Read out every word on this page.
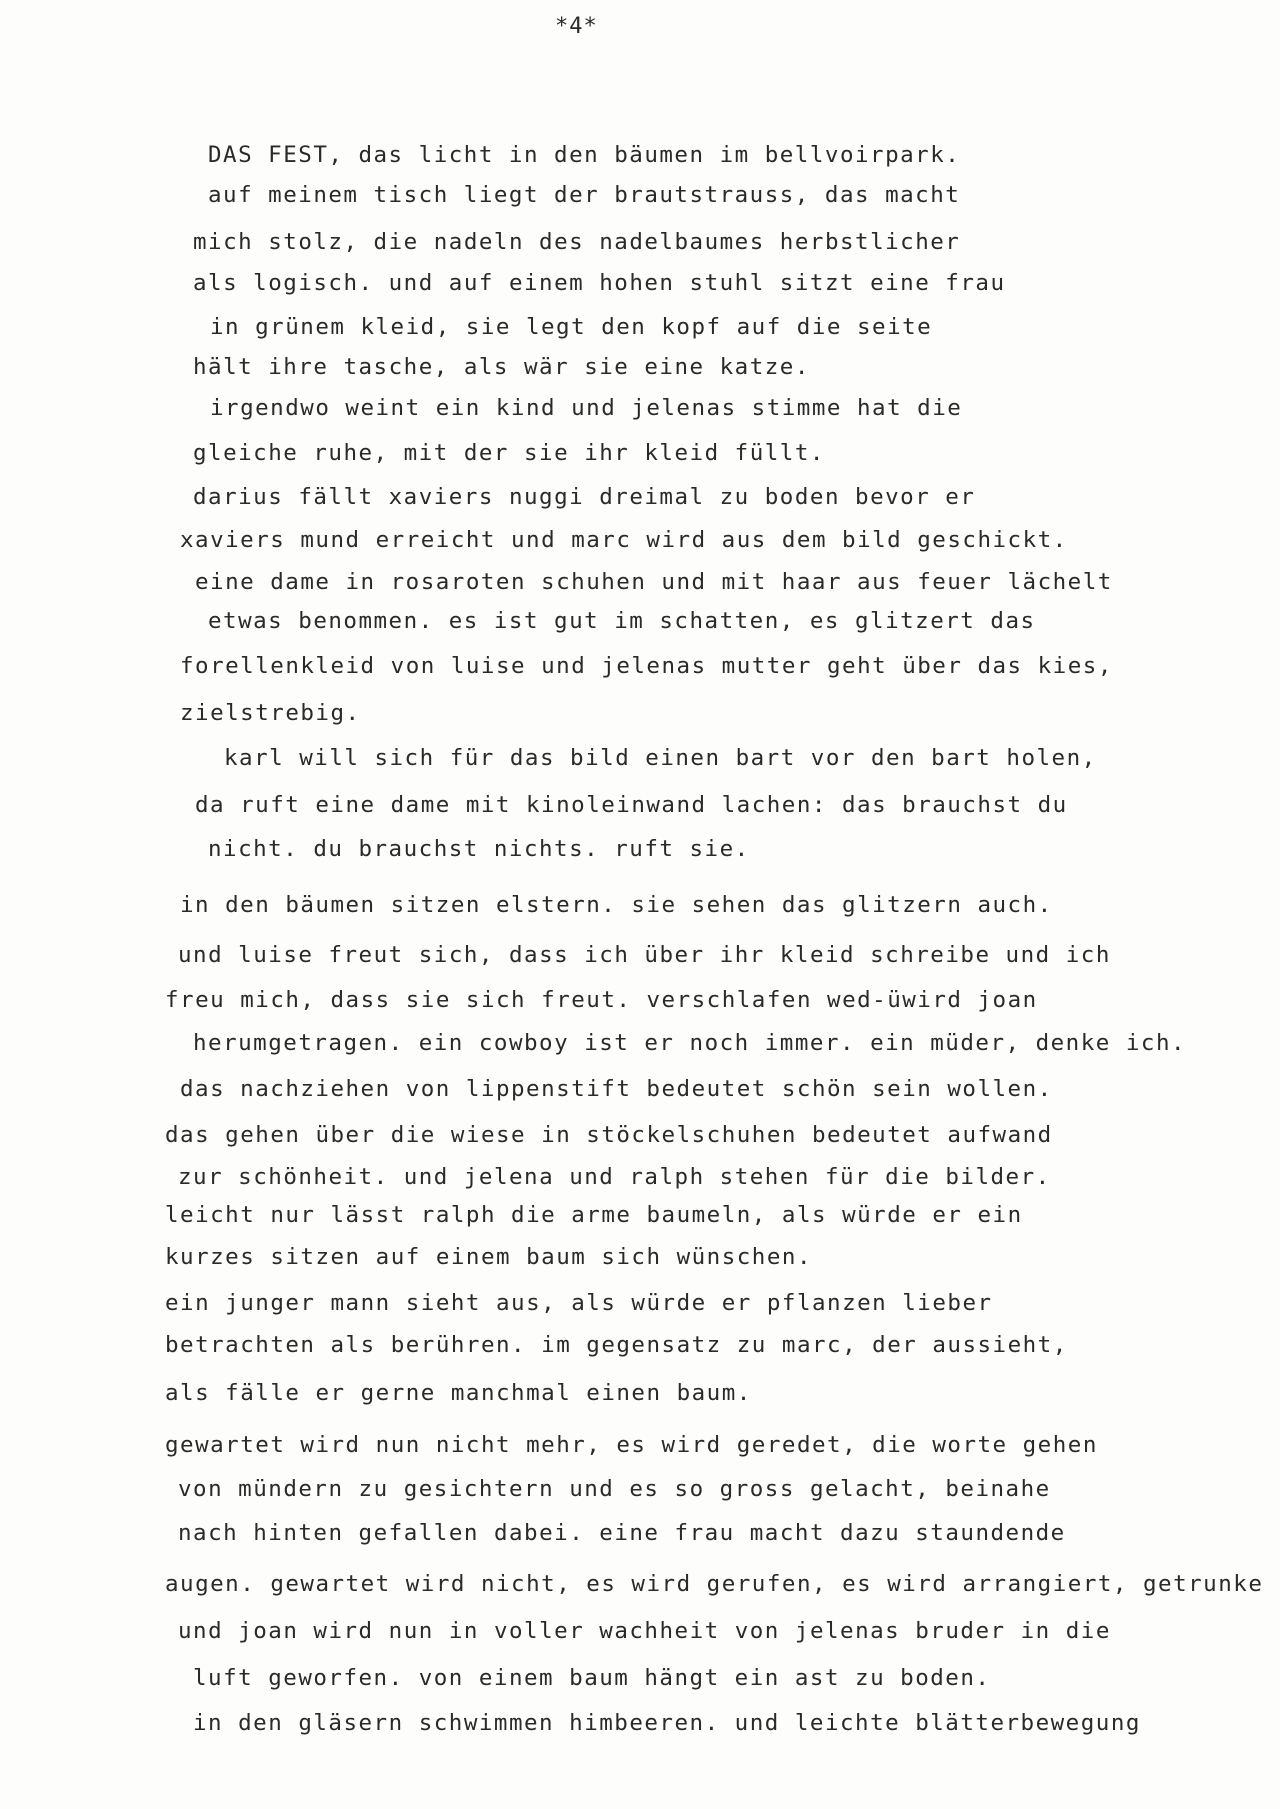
*4*
DAS FEST, das licht in den bäumen im bellvoirpark.
auf meinem tisch liegt der brautstrauss, das macht
mich stolz, die nadeln des nadelbaumes herbstlicher
als logisch. und auf einem hohen stuhl sitzt eine frau
in grünem kleid, sie legt den kopf auf die seite
hält ihre tasche, als wär sie eine katze.
irgendwo weint ein kind und jelenas stimme hat die
gleiche ruhe, mit der sie ihr kleid füllt.
darius fällt xaviers nuggi dreimal zu boden bevor er
xaviers mund erreicht und marc wird aus dem bild geschickt.
eine dame in rosaroten schuhen und mit haar aus feuer lächelt
etwas benommen. es ist gut im schatten, es glitzert das
forellenkleid von luise und jelenas mutter geht über das kies,
zielstrebig.
karl will sich für das bild einen bart vor den bart holen,
da ruft eine dame mit kinoleinwand lachen: das brauchst du
nicht. du brauchst nichts. ruft sie.
in den bäumen sitzen elstern. sie sehen das glitzern auch.
und luise freut sich, dass ich über ihr kleid schreibe und ich
freu mich, dass sie sich freut. verschlafen wed-üwird joan
herumgetragen. ein cowboy ist er noch immer. ein müder, denke ich.
das nachziehen von lippenstift bedeutet schön sein wollen.
das gehen über die wiese in stöckelschuhen bedeutet aufwand
zur schönheit. und jelena und ralph stehen für die bilder.
leicht nur lässt ralph die arme baumeln, als würde er ein
kurzes sitzen auf einem baum sich wünschen.
ein junger mann sieht aus, als würde er pflanzen lieber
betrachten als berühren. im gegensatz zu marc, der aussieht,
als fälle er gerne manchmal einen baum.
gewartet wird nun nicht mehr, es wird geredet, die worte gehen
von mündern zu gesichtern und es so gross gelacht, beinahe
nach hinten gefallen dabei. eine frau macht dazu staundende
augen. gewartet wird nicht, es wird gerufen, es wird arrangiert, getrunke
und joan wird nun in voller wachheit von jelenas bruder in die
luft geworfen. von einem baum hängt ein ast zu boden.
in den gläsern schwimmen himbeeren. und leichte blätterbewegung
